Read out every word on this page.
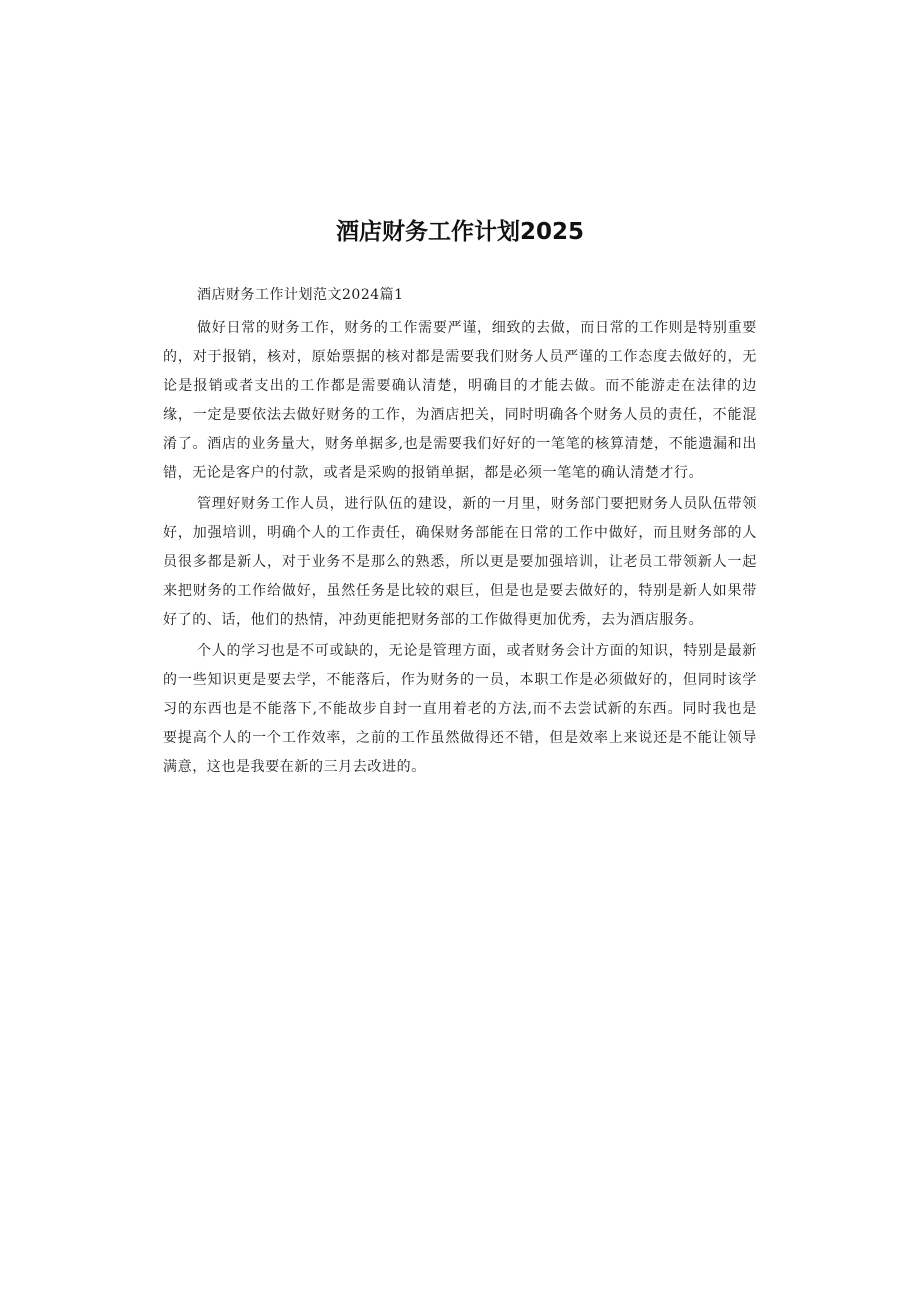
酒店财务工作计划2025

酒店财务工作计划范文2024篇1

做好日常的财务工作，财务的工作需要严谨，细致的去做，而日常的工作则是特别重要的，对于报销，核对，原始票据的核对都是需要我们财务人员严谨的工作态度去做好的，无论是报销或者支出的工作都是需要确认清楚，明确目的才能去做。而不能游走在法律的边缘，一定是要依法去做好财务的工作，为酒店把关，同时明确各个财务人员的责任，不能混淆了。酒店的业务量大，财务单据多,也是需要我们好好的一笔笔的核算清楚，不能遗漏和出错，无论是客户的付款，或者是采购的报销单据，都是必须一笔笔的确认清楚才行。

管理好财务工作人员，进行队伍的建设，新的一月里，财务部门要把财务人员队伍带领好，加强培训，明确个人的工作责任，确保财务部能在日常的工作中做好，而且财务部的人员很多都是新人，对于业务不是那么的熟悉，所以更是要加强培训，让老员工带领新人一起来把财务的工作给做好，虽然任务是比较的艰巨，但是也是要去做好的，特别是新人如果带好了的、话，他们的热情，冲劲更能把财务部的工作做得更加优秀，去为酒店服务。

个人的学习也是不可或缺的，无论是管理方面，或者财务会计方面的知识，特别是最新的一些知识更是要去学，不能落后，作为财务的一员，本职工作是必须做好的，但同时该学习的东西也是不能落下,不能故步自封一直用着老的方法,而不去尝试新的东西。同时我也是要提高个人的一个工作效率，之前的工作虽然做得还不错，但是效率上来说还是不能让领导满意，这也是我要在新的三月去改进的。
